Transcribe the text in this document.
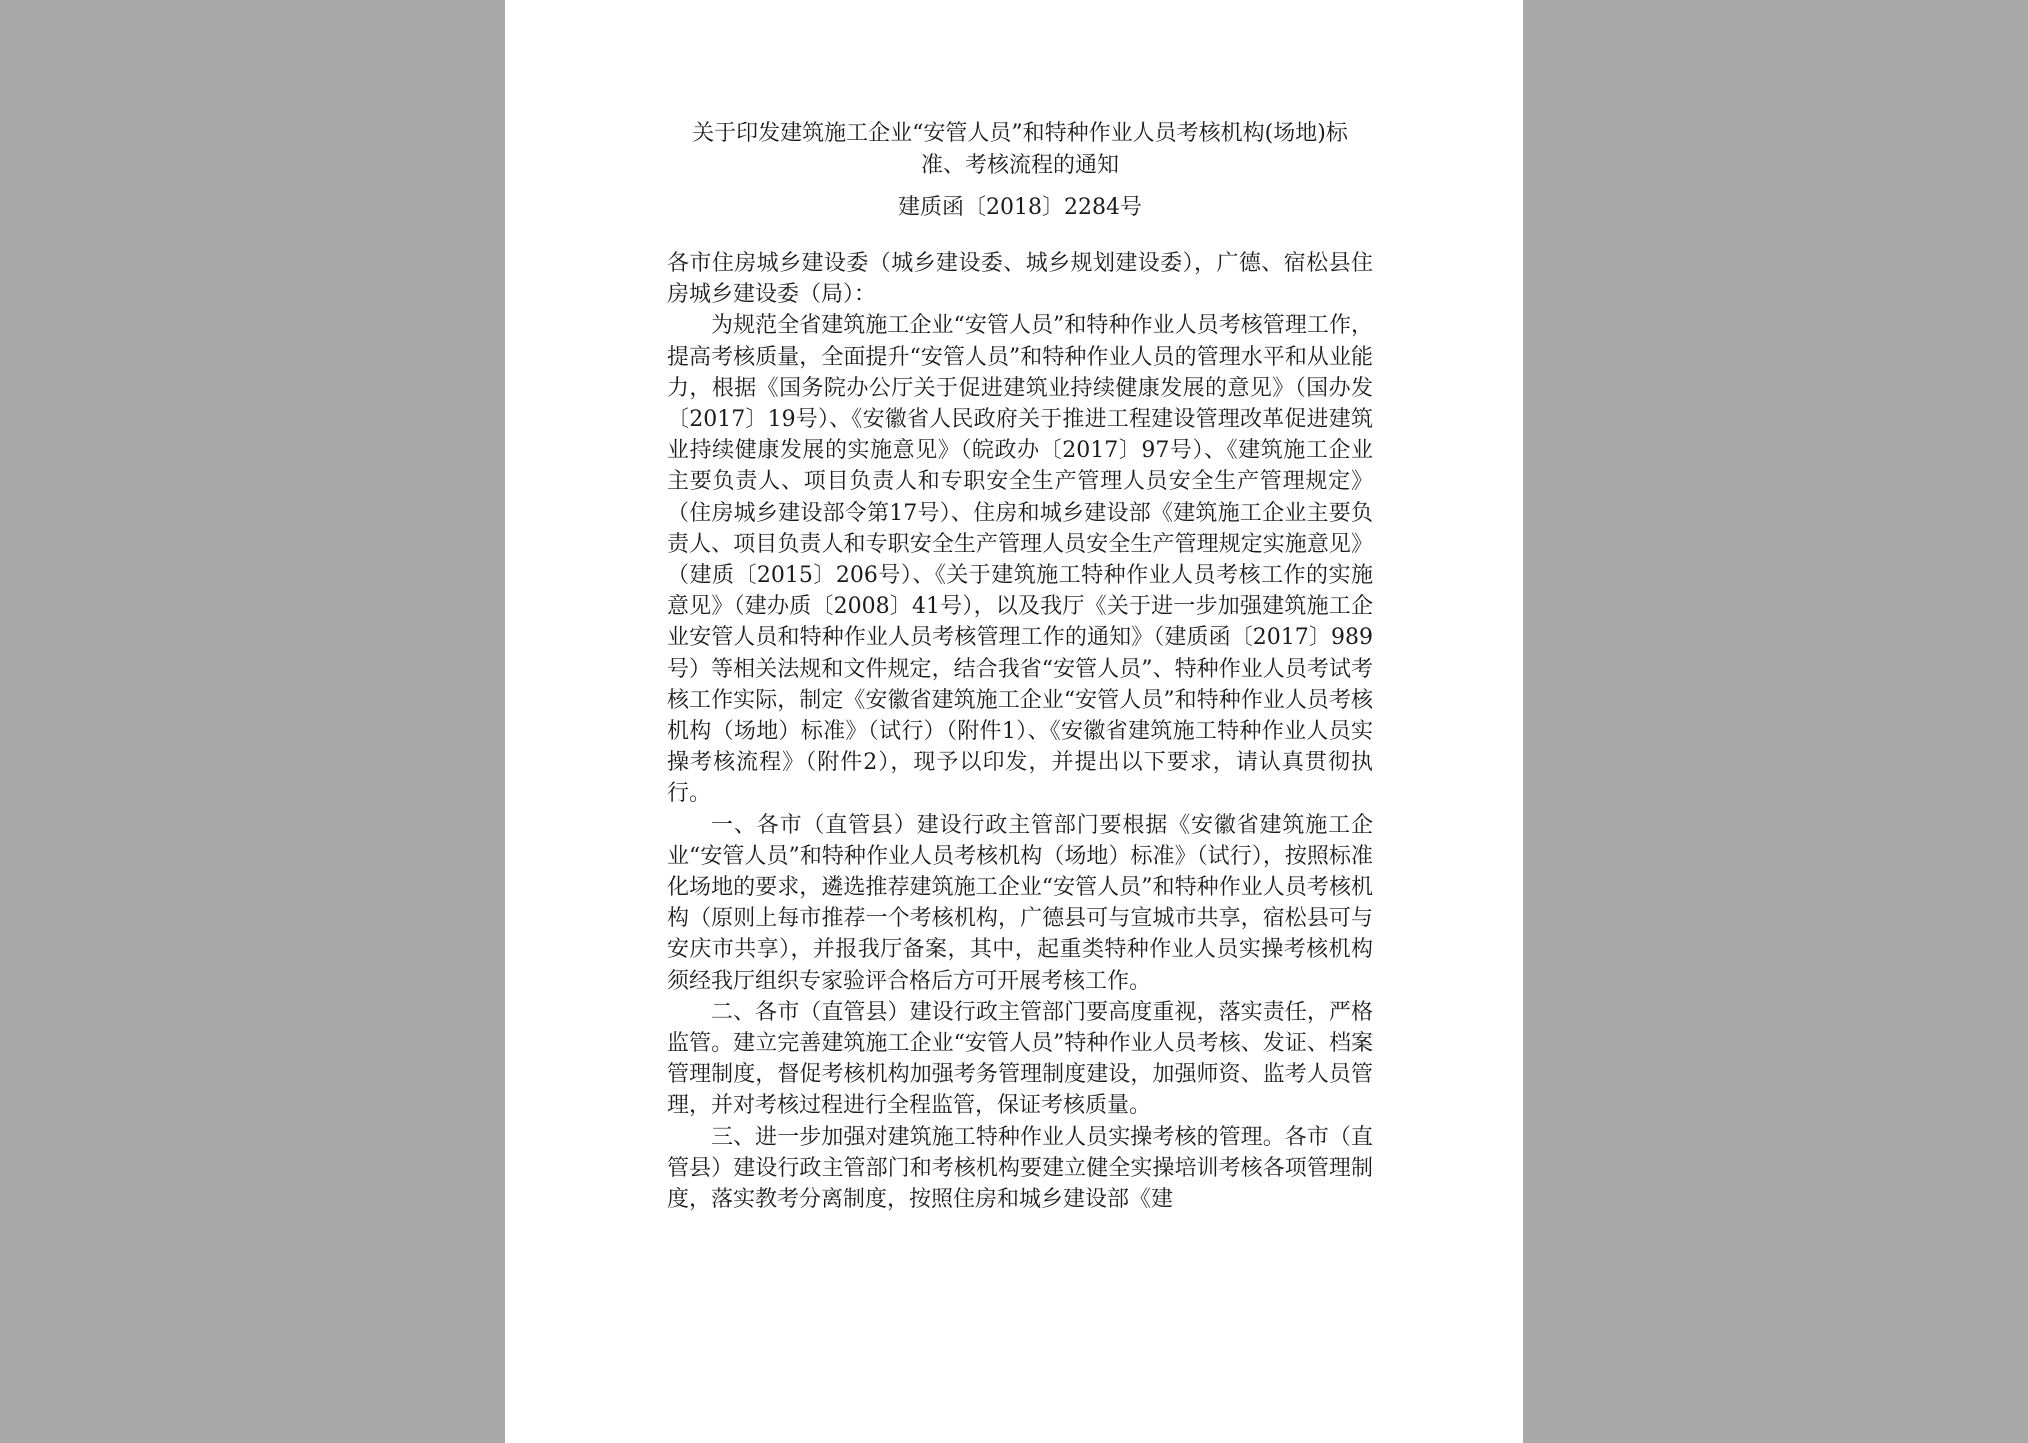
关于印发建筑施工企业“安管人员”和特种作业人员考核机构(场地)标准、考核流程的通知
建质函〔2018〕2284号

各市住房城乡建设委（城乡建设委、城乡规划建设委），广德、宿松县住房城乡建设委（局）：

为规范全省建筑施工企业“安管人员”和特种作业人员考核管理工作，提高考核质量，全面提升“安管人员”和特种作业人员的管理水平和从业能力，根据《国务院办公厅关于促进建筑业持续健康发展的意见》（国办发〔2017〕19号）、《安徽省人民政府关于推进工程建设管理改革促进建筑业持续健康发展的实施意见》（皖政办〔2017〕97号）、《建筑施工企业主要负责人、项目负责人和专职安全生产管理人员安全生产管理规定》（住房城乡建设部令第17号）、住房和城乡建设部《建筑施工企业主要负责人、项目负责人和专职安全生产管理人员安全生产管理规定实施意见》（建质〔2015〕206号）、《关于建筑施工特种作业人员考核工作的实施意见》（建办质〔2008〕41号），以及我厅《关于进一步加强建筑施工企业安管人员和特种作业人员考核管理工作的通知》（建质函〔2017〕989号）等相关法规和文件规定，结合我省“安管人员”、特种作业人员考试考核工作实际，制定《安徽省建筑施工企业“安管人员”和特种作业人员考核机构（场地）标准》（试行）（附件1）、《安徽省建筑施工特种作业人员实操考核流程》（附件2），现予以印发，并提出以下要求，请认真贯彻执行。

一、各市（直管县）建设行政主管部门要根据《安徽省建筑施工企业“安管人员”和特种作业人员考核机构（场地）标准》（试行），按照标准化场地的要求，遴选推荐建筑施工企业“安管人员”和特种作业人员考核机构（原则上每市推荐一个考核机构，广德县可与宣城市共享，宿松县可与安庆市共享），并报我厅备案，其中，起重类特种作业人员实操考核机构须经我厅组织专家验评合格后方可开展考核工作。

二、各市（直管县）建设行政主管部门要高度重视，落实责任，严格监管。建立完善建筑施工企业“安管人员”特种作业人员考核、发证、档案管理制度，督促考核机构加强考务管理制度建设，加强师资、监考人员管理，并对考核过程进行全程监管，保证考核质量。

三、进一步加强对建筑施工特种作业人员实操考核的管理。各市（直管县）建设行政主管部门和考核机构要建立健全实操培训考核各项管理制度，落实教考分离制度，按照住房和城乡建设部《建
